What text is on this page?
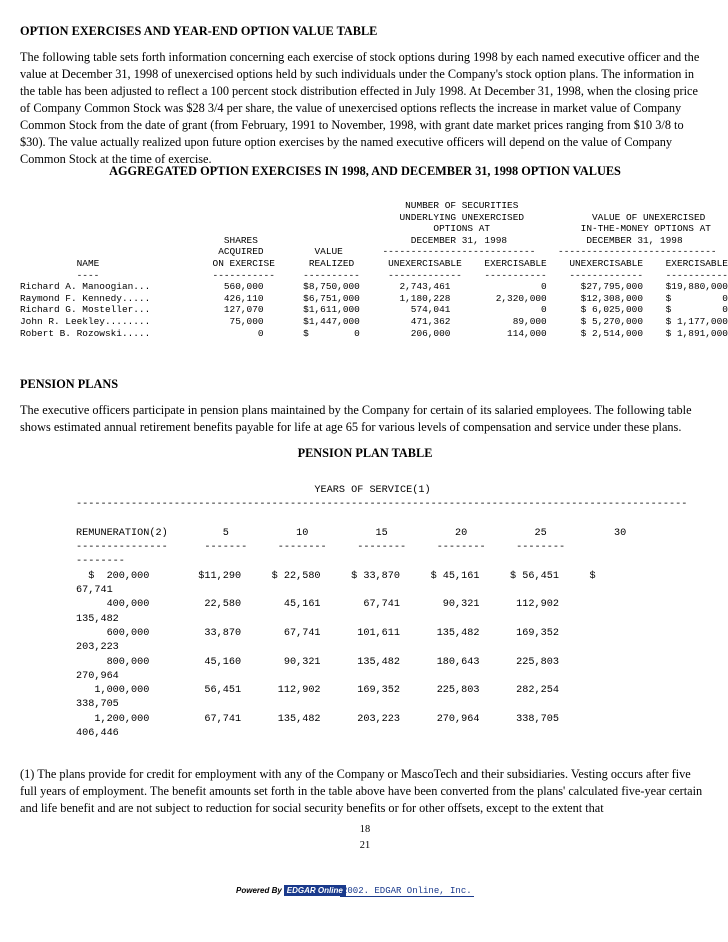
OPTION EXERCISES AND YEAR-END OPTION VALUE TABLE

The following table sets forth information concerning each exercise of stock options during 1998 by each named executive officer and the value at December 31, 1998 of unexercised options held by such individuals under the Company's stock option plans. The information in the table has been adjusted to reflect a 100 percent stock distribution effected in July 1998. At December 31, 1998, when the closing price of Company Common Stock was $28 3/4 per share, the value of unexercised options reflects the increase in market value of Company Common Stock from the date of grant (from February, 1991 to November, 1998, with grant date market prices ranging from $10 3/8 to $30). The value actually realized upon future option exercises by the named executive officers will depend on the value of Company Common Stock at the time of exercise.

AGGREGATED OPTION EXERCISES IN 1998, AND DECEMBER 31, 1998 OPTION VALUES
NUMBER OF SECURITIES
UNDERLYING UNEXERCISED            VALUE OF UNEXERCISED
OPTIONS AT                IN-THE-MONEY OPTIONS AT
SHARES                           DECEMBER 31, 1998              DECEMBER 31, 1998
ACQUIRED         VALUE       ---------------------------    ----------------------------
NAME                    ON EXERCISE      REALIZED      UNEXERCISABLE    EXERCISABLE    UNEXERCISABLE    EXERCISABLE
----                    -----------     ----------     -------------    -----------    -------------    -----------
Richard A. Manoogian...             560,000       $8,750,000       2,743,461                0      $27,795,000    $19,880,000
Raymond F. Kennedy.....             426,110       $6,751,000       1,180,228        2,320,000      $12,308,000    $         0
Richard G. Mosteller...             127,070       $1,611,000         574,041                0      $ 6,025,000    $         0
John R. Leekley........              75,000       $1,447,000         471,362           89,000      $ 5,270,000    $ 1,177,000
Robert B. Rozowski.....                   0       $        0         206,000          114,000      $ 2,514,000    $ 1,891,000
PENSION PLANS

The executive officers participate in pension plans maintained by the Company for certain of its salaried employees. The following table shows estimated annual retirement benefits payable for life at age 65 for various levels of compensation and service under these plans.

PENSION PLAN TABLE
YEARS OF SERVICE(1)
----------------------------------------------------------------------------------------------------

REMUNERATION(2)         5           10           15           20           25           30
---------------      -------     --------     --------     --------     --------
--------
$  200,000        $11,290     $ 22,580     $ 33,870     $ 45,161     $ 56,451     $
67,741
400,000         22,580       45,161       67,741       90,321      112,902
135,482
600,000         33,870       67,741      101,611      135,482      169,352
203,223
800,000         45,160       90,321      135,482      180,643      225,803
270,964
1,000,000         56,451      112,902      169,352      225,803      282,254
338,705
1,200,000         67,741      135,482      203,223      270,964      338,705
406,446

(1) The plans provide for credit for employment with any of the Company or MascoTech and their subsidiaries. Vesting occurs after five full years of employment. The benefit amounts set forth in the table above have been converted from the plans' calculated five-year certain and life benefit and are not subject to reduction for social security benefits or for other offsets, except to the extent that

18
21
Powered By EDGAR Online 2002. EDGAR Online, Inc.
